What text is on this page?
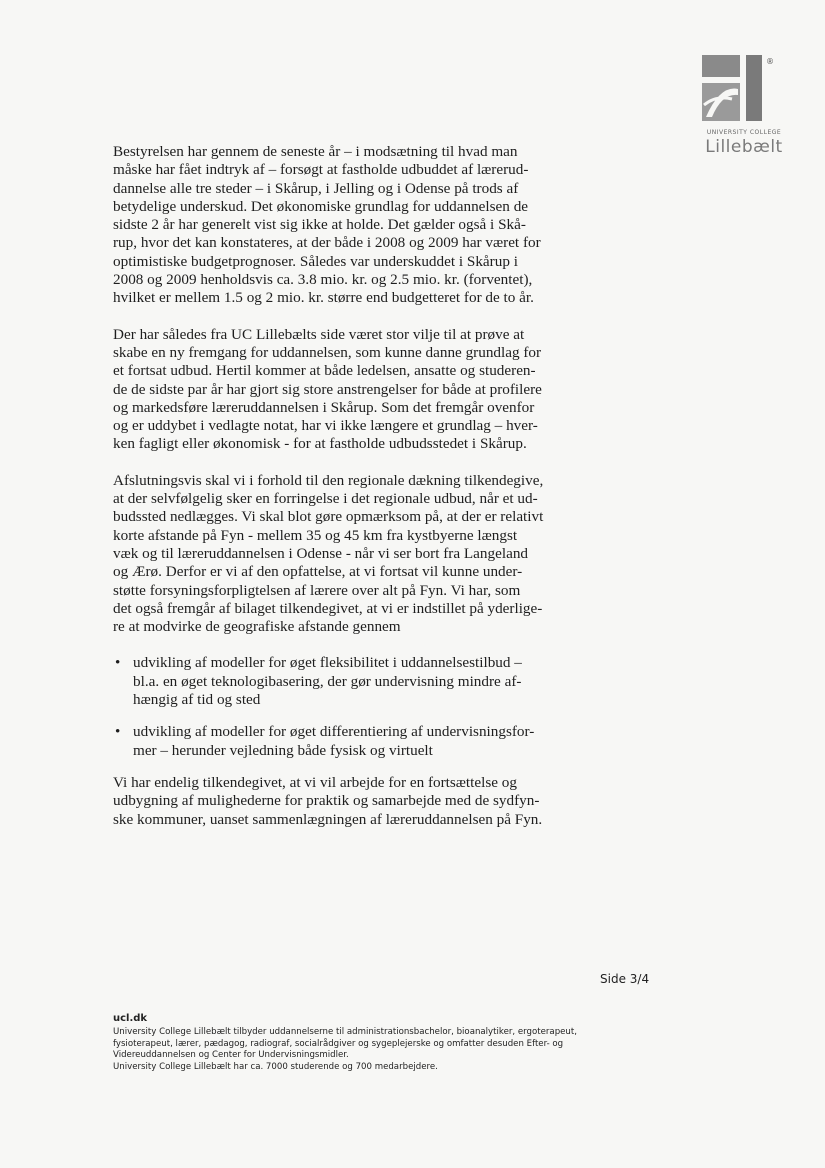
®
UNIVERSITY COLLEGE
Lillebælt

Bestyrelsen har gennem de seneste år – i modsætning til hvad man
måske har fået indtryk af – forsøgt at fastholde udbuddet af lærerud-
dannelse alle tre steder – i Skårup, i Jelling og i Odense på trods af
betydelige underskud. Det økonomiske grundlag for uddannelsen de
sidste 2 år har generelt vist sig ikke at holde. Det gælder også i Skå-
rup, hvor det kan konstateres, at der både i 2008 og 2009 har været for
optimistiske budgetprognoser. Således var underskuddet i Skårup i
2008 og 2009 henholdsvis ca. 3.8 mio. kr. og 2.5 mio. kr. (forventet),
hvilket er mellem 1.5 og 2 mio. kr. større end budgetteret for de to år.

Der har således fra UC Lillebælts side været stor vilje til at prøve at
skabe en ny fremgang for uddannelsen, som kunne danne grundlag for
et fortsat udbud. Hertil kommer at både ledelsen, ansatte og studeren-
de de sidste par år har gjort sig store anstrengelser for både at profilere
og markedsføre læreruddannelsen i Skårup. Som det fremgår ovenfor
og er uddybet i vedlagte notat, har vi ikke længere et grundlag – hver-
ken fagligt eller økonomisk - for at fastholde udbudsstedet i Skårup.

Afslutningsvis skal vi i forhold til den regionale dækning tilkendegive,
at der selvfølgelig sker en forringelse i det regionale udbud, når et ud-
budssted nedlægges. Vi skal blot gøre opmærksom på, at der er relativt
korte afstande på Fyn - mellem 35 og 45 km fra kystbyerne længst
væk og til læreruddannelsen i Odense - når vi ser bort fra Langeland
og Ærø. Derfor er vi af den opfattelse, at vi fortsat vil kunne under-
støtte forsyningsforpligtelsen af lærere over alt på Fyn. Vi har, som
det også fremgår af bilaget tilkendegivet, at vi er indstillet på yderlige-
re at modvirke de geografiske afstande gennem

• udvikling af modeller for øget fleksibilitet i uddannelsestilbud –
bl.a. en øget teknologibasering, der gør undervisning mindre af-
hængig af tid og sted
• udvikling af modeller for øget differentiering af undervisningsfor-
mer – herunder vejledning både fysisk og virtuelt

Vi har endelig tilkendegivet, at vi vil arbejde for en fortsættelse og
udbygning af mulighederne for praktik og samarbejde med de sydfyn-
ske kommuner, uanset sammenlægningen af læreruddannelsen på Fyn.

Side 3/4
ucl.dk
University College Lillebælt tilbyder uddannelserne til administrationsbachelor, bioanalytiker, ergoterapeut,
fysioterapeut, lærer, pædagog, radiograf, socialrådgiver og sygeplejerske og omfatter desuden Efter- og
Videreuddannelsen og Center for Undervisningsmidler.
University College Lillebælt har ca. 7000 studerende og 700 medarbejdere.
